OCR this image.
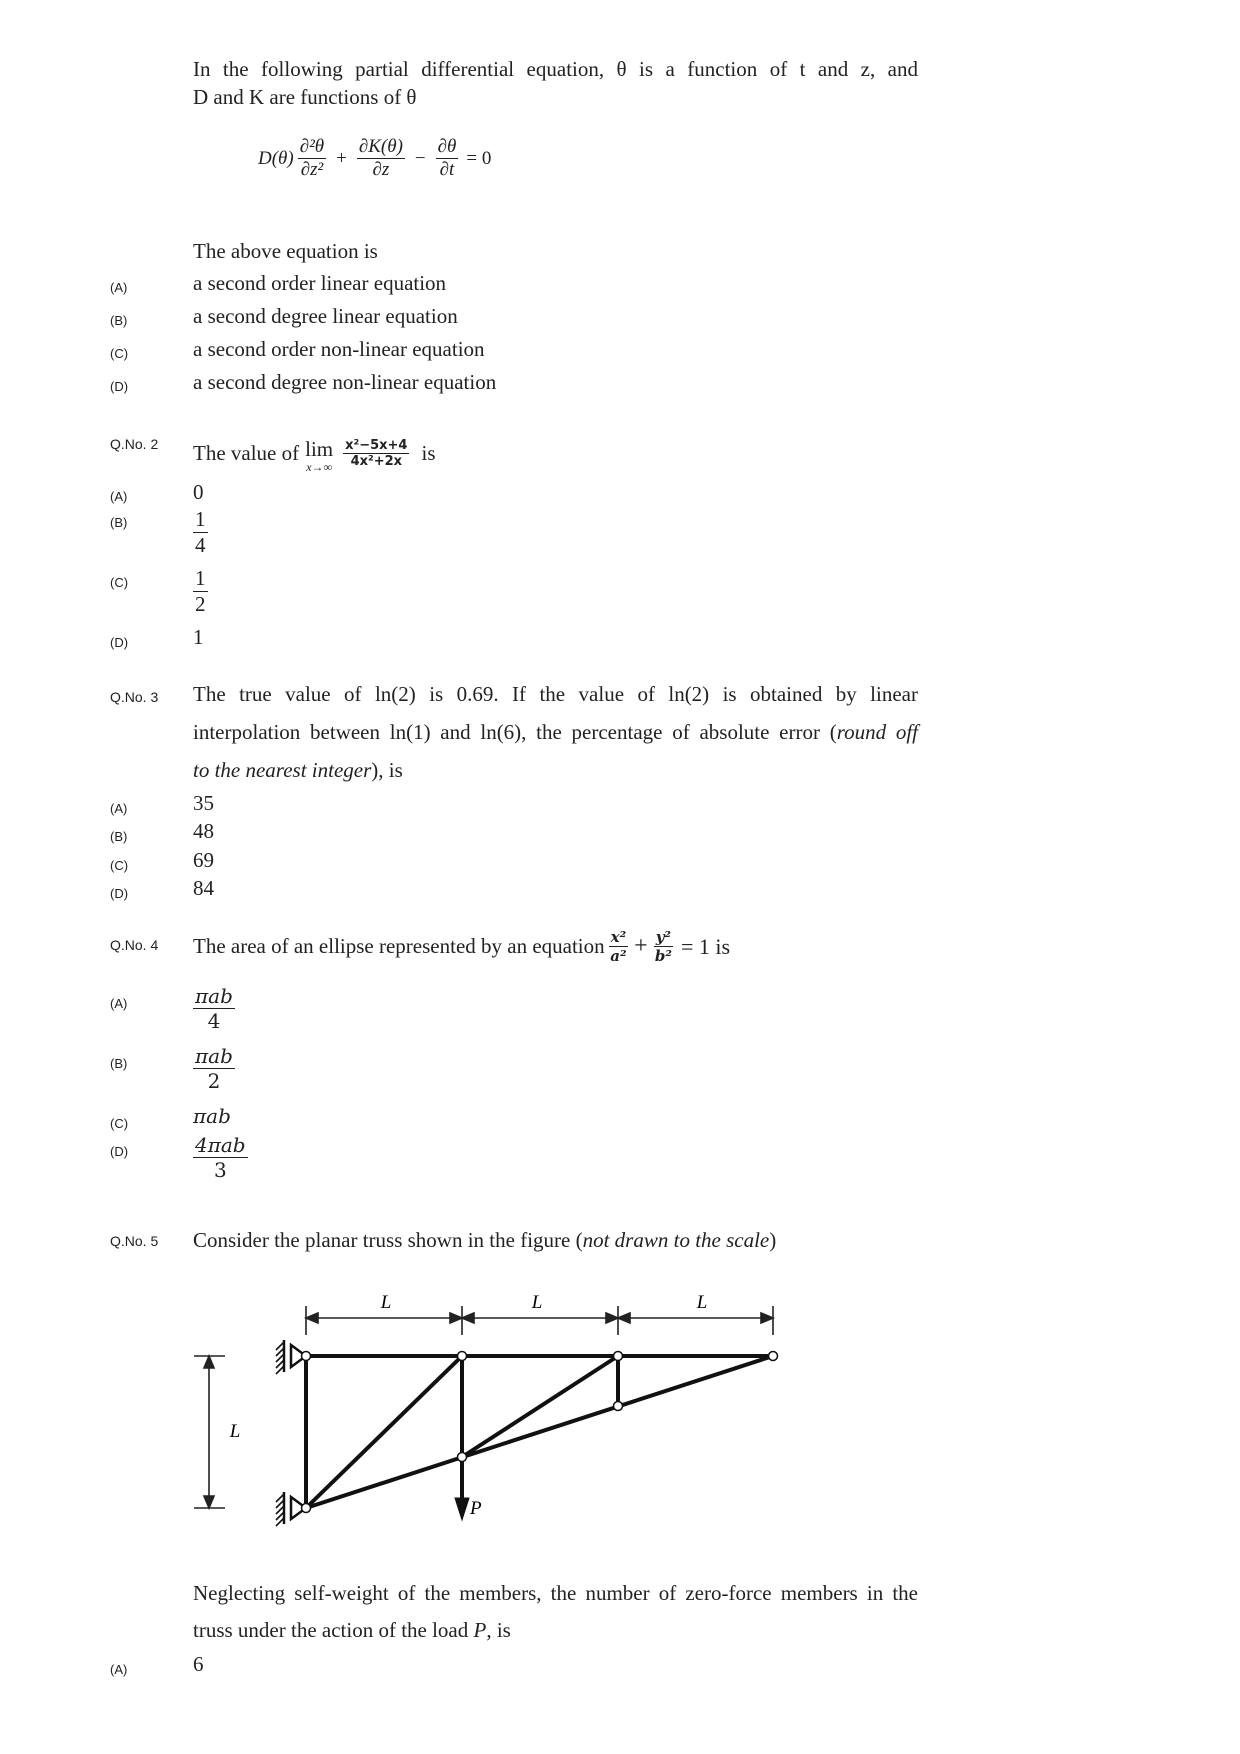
In the following partial differential equation, θ is a function of t and z, and
D and K are functions of θ
$D(\theta) \frac{\text{∂²θ}}{\text{∂z²}} + \frac{\partial K(\theta)}{\partial z} - \frac{\partial\theta}{\partial t} = 0$
The above equation is
(A)	a second order linear equation
(B)	a second degree linear equation
(C)	a second order non-linear equation
(D)	a second degree non-linear equation
Q.No. 2 The value of lim
$x\to\infty \frac{\text{x²−5x+4}}{\text{4x²+2x}}$ is
(A)	0
(B)	1
4
(C)	1
2
(D)	1
Q.No. 3 The true value of ln(2) is 0.69. If the value of ln(2) is obtained by linear
interpolation between ln(1) and ln(6), the percentage of absolute error (round off
to the nearest integer), is
(A)	35
(B)	48
(C)	69
(D)	84
Q.No. 4 The area of an ellipse represented by an equation $\frac{\text{x²}}{\text{a²}} + \frac{\text{y²}}{\text{b²}} = 1$ is
(A)	πab
4
(B)	πab
2
(C)	πab
(D)	4πab
3
Q.No. 5 Consider the planar truss shown in the figure (not drawn to the scale)
L	L	L
L
P
Neglecting self-weight of the members, the number of zero-force members in the
truss under the action of the load P, is
(A)	6
